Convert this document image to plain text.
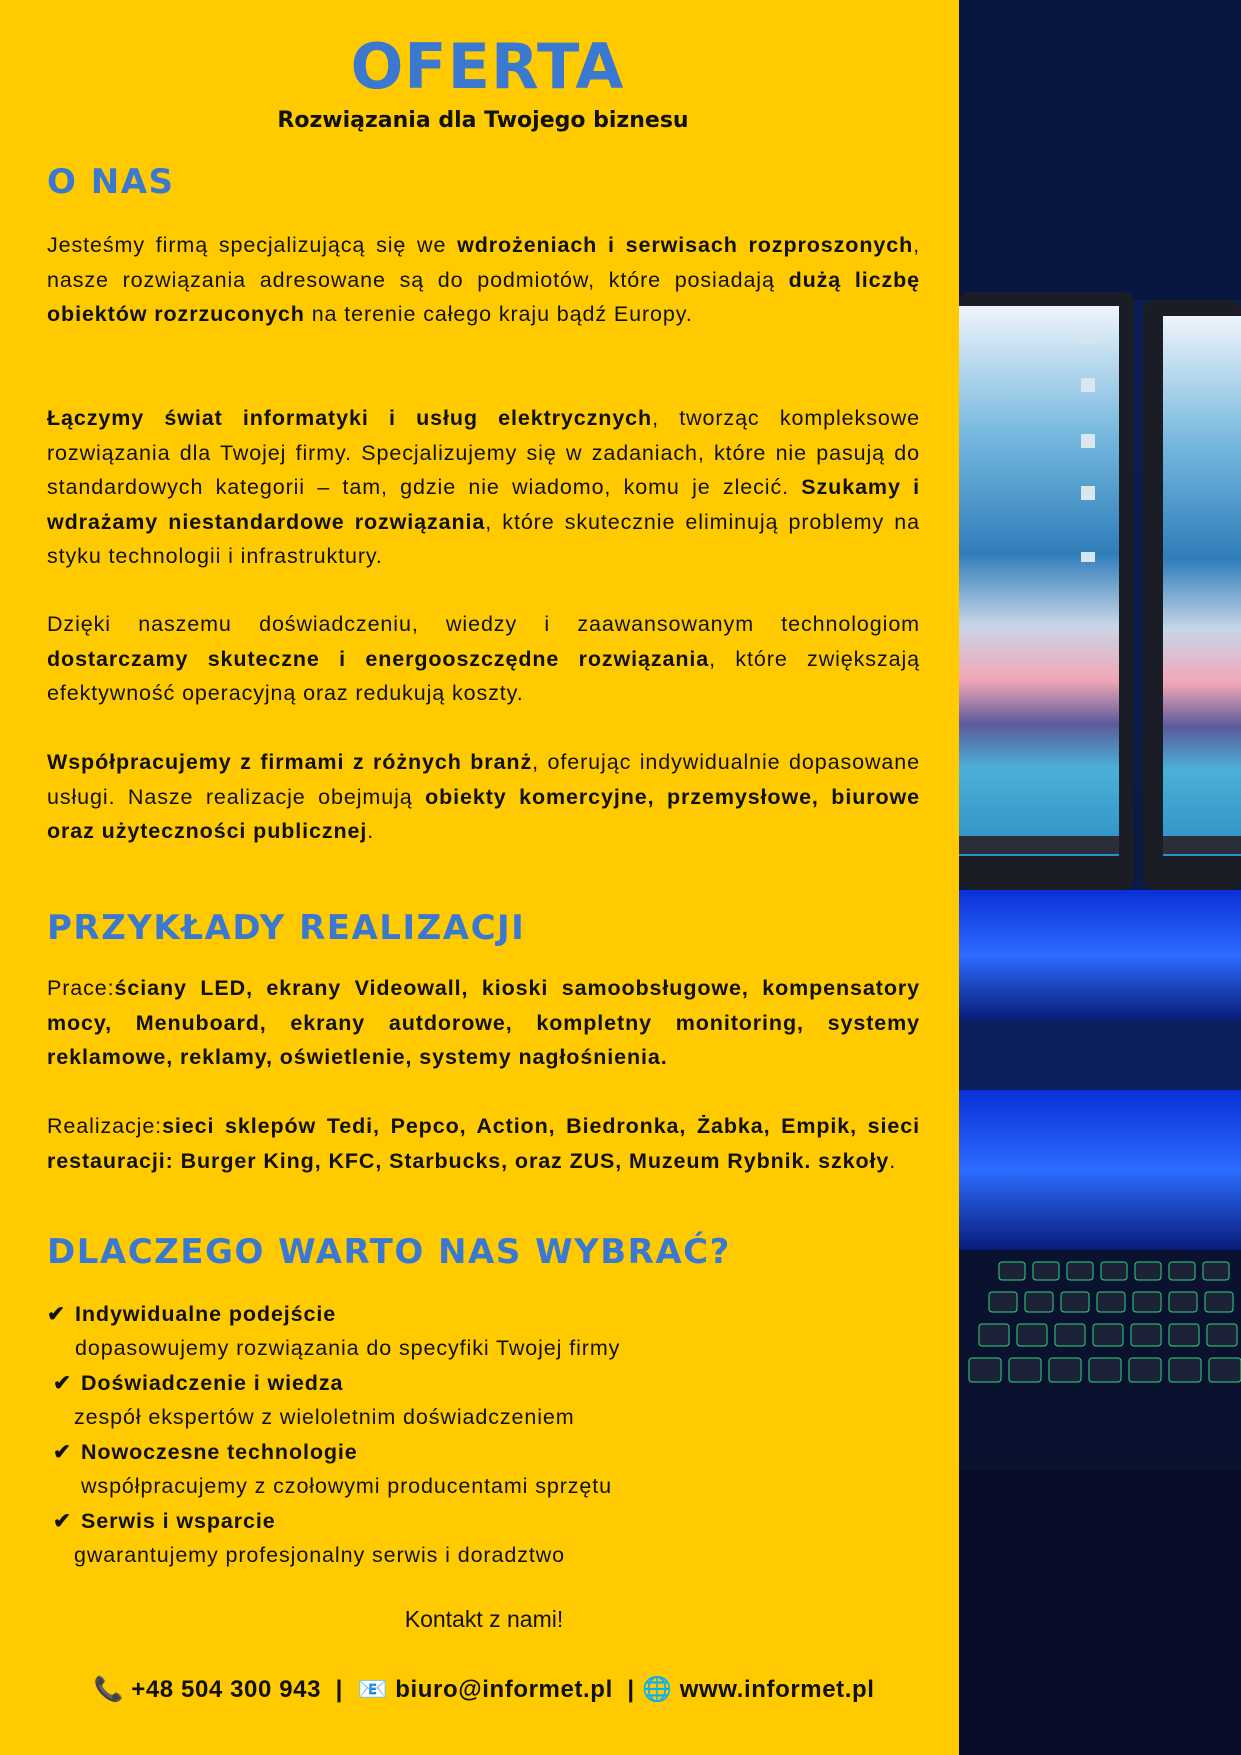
OFERTA
Rozwiązania dla Twojego biznesu
O NAS

Jesteśmy firmą specjalizującą się we wdrożeniach i serwisach rozproszonych, nasze rozwiązania adresowane są do podmiotów, które posiadają dużą liczbę obiektów rozrzuconych na terenie całego kraju bądź Europy.

Łączymy świat informatyki i usług elektrycznych, tworząc kompleksowe rozwiązania dla Twojej firmy. Specjalizujemy się w zadaniach, które nie pasują do standardowych kategorii – tam, gdzie nie wiadomo, komu je zlecić. Szukamy i wdrażamy niestandardowe rozwiązania, które skutecznie eliminują problemy na styku technologii i infrastruktury.

Dzięki naszemu doświadczeniu, wiedzy i zaawansowanym technologiom dostarczamy skuteczne i energooszczędne rozwiązania, które zwiększają efektywność operacyjną oraz redukują koszty.

Współpracujemy z firmami z różnych branż, oferując indywidualnie dopasowane usługi. Nasze realizacje obejmują obiekty komercyjne, przemysłowe, biurowe oraz użyteczności publicznej.

PRZYKŁADY REALIZACJI

Prace:ściany LED, ekrany Videowall, kioski samoobsługowe, kompensatory mocy, Menuboard, ekrany autdorowe, kompletny monitoring, systemy reklamowe, reklamy, oświetlenie, systemy nagłośnienia.

Realizacje:sieci sklepów Tedi, Pepco, Action, Biedronka, Żabka, Empik, sieci restauracji: Burger King, KFC, Starbucks, oraz ZUS, Muzeum Rybnik. szkoły.

DLACZEGO WARTO NAS WYBRAĆ?
✔ Indywidualne podejście
dopasowujemy rozwiązania do specyfiki Twojej firmy
✔ Doświadczenie i wiedza
zespół ekspertów z wieloletnim doświadczeniem
✔ Nowoczesne technologie
współpracujemy z czołowymi producentami sprzętu
✔ Serwis i wsparcie
gwarantujemy profesjonalny serwis i doradztwo
Kontakt z nami!
📞 +48 504 300 943 | 📧 biuro@informet.pl | 🌐 www.informet.pl
